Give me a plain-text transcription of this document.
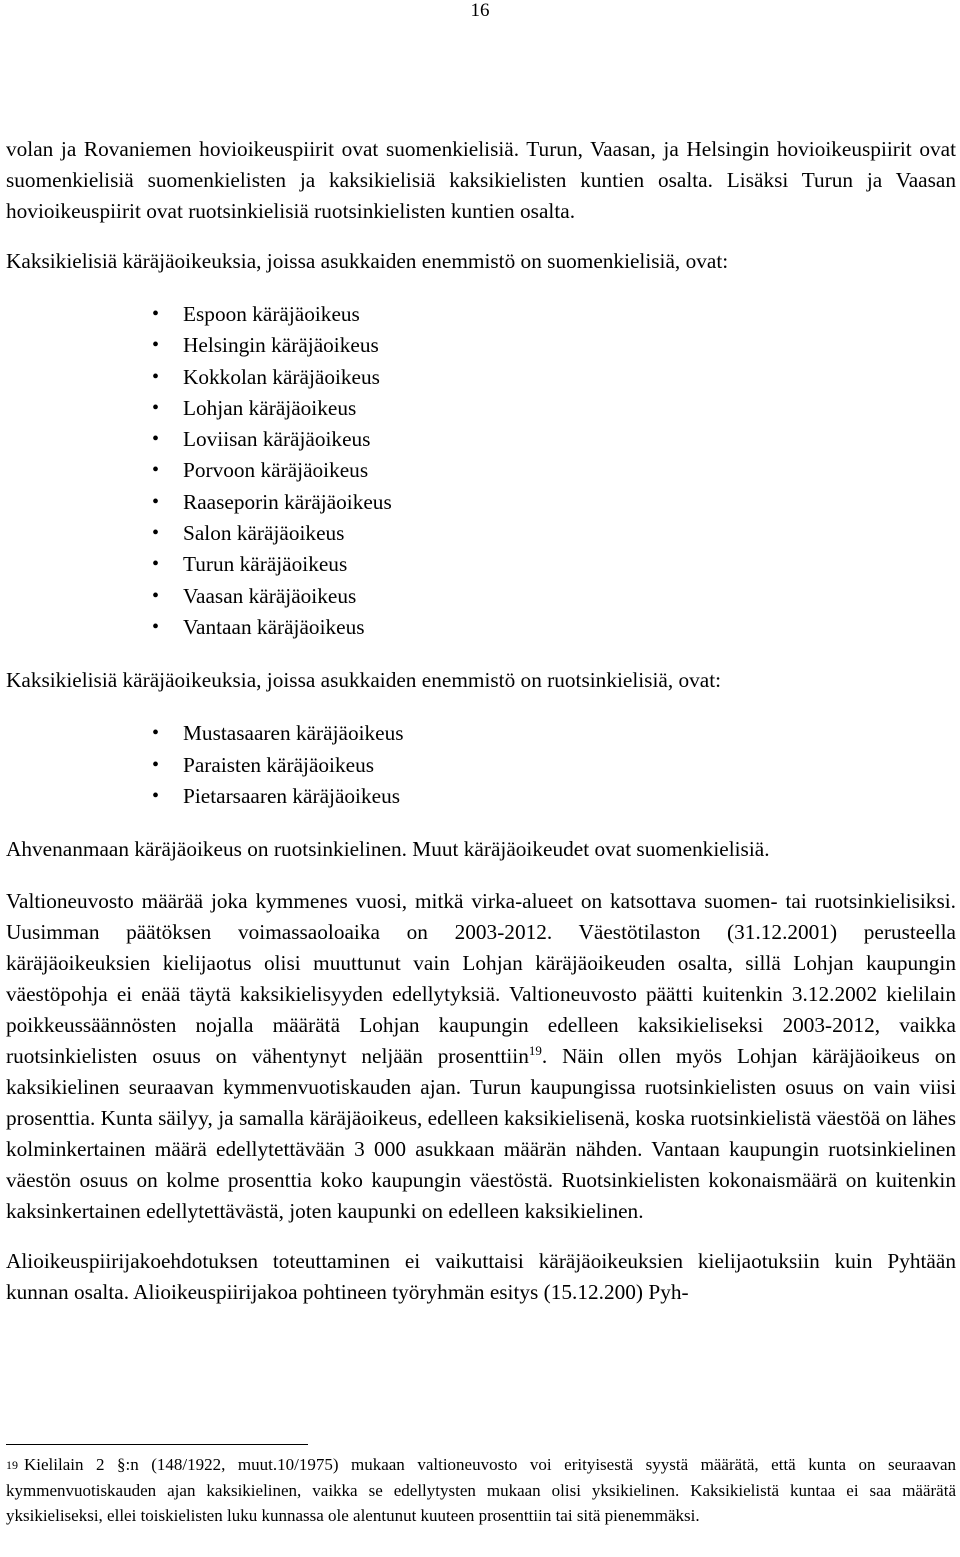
16

volan ja Rovaniemen hovioikeuspiirit ovat suomenkielisiä. Turun, Vaasan, ja Helsingin hovioikeuspiirit ovat suomenkielisiä suomenkielisten ja kaksikielisiä kaksikielisten kuntien osalta. Lisäksi Turun ja Vaasan hovioikeuspiirit ovat ruotsinkielisiä ruotsinkielisten kuntien osalta.

Kaksikielisiä käräjäoikeuksia, joissa asukkaiden enemmistö on suomenkielisiä, ovat:

• Espoon käräjäoikeus
• Helsingin käräjäoikeus
• Kokkolan käräjäoikeus
• Lohjan käräjäoikeus
• Loviisan käräjäoikeus
• Porvoon käräjäoikeus
• Raaseporin käräjäoikeus
• Salon käräjäoikeus
• Turun käräjäoikeus
• Vaasan käräjäoikeus
• Vantaan käräjäoikeus

Kaksikielisiä käräjäoikeuksia, joissa asukkaiden enemmistö on ruotsinkielisiä, ovat:

• Mustasaaren käräjäoikeus
• Paraisten käräjäoikeus
• Pietarsaaren käräjäoikeus

Ahvenanmaan käräjäoikeus on ruotsinkielinen. Muut käräjäoikeudet ovat suomenkielisiä.

Valtioneuvosto määrää joka kymmenes vuosi, mitkä virka-alueet on katsottava suomen- tai ruotsinkielisiksi. Uusimman päätöksen voimassaoloaika on 2003-2012. Väestötilaston (31.12.2001) perusteella käräjäoikeuksien kielijaotus olisi muuttunut vain Lohjan käräjäoikeuden osalta, sillä Lohjan kaupungin väestöpohja ei enää täytä kaksikielisyyden edellytyksiä. Valtioneuvosto päätti kuitenkin 3.12.2002 kielilain poikkeussäännösten nojalla määrätä Lohjan kaupungin edelleen kaksikieliseksi 2003-2012, vaikka ruotsinkielisten osuus on vähentynyt neljään prosenttiin$^{19}$. Näin ollen myös Lohjan käräjäoikeus on kaksikielinen seuraavan kymmenvuotiskauden ajan. Turun kaupungissa ruotsinkielisten osuus on vain viisi prosenttia. Kunta säilyy, ja samalla käräjäoikeus, edelleen kaksikielisenä, koska ruotsinkielistä väestöä on lähes kolminkertainen määrä edellytettävään 3 000 asukkaan määrän nähden. Vantaan kaupungin ruotsinkielinen väestön osuus on kolme prosenttia koko kaupungin väestöstä. Ruotsinkielisten kokonaismäärä on kuitenkin kaksinkertainen edellytettävästä, joten kaupunki on edelleen kaksikielinen.

Alioikeuspiirijakoehdotuksen toteuttaminen ei vaikuttaisi käräjäoikeuksien kielijaotuksiin kuin Pyhtään kunnan osalta. Alioikeuspiirijakoa pohtineen työryhmän esitys (15.12.200) Pyh-

$^{19}$ Kielilain 2 §:n (148/1922, muut.10/1975) mukaan valtioneuvosto voi erityisestä syystä määrätä, että kunta on seuraavan kymmenvuotiskauden ajan kaksikielinen, vaikka se edellytysten mukaan olisi yksikielinen. Kaksikielistä kuntaa ei saa määrätä yksikieliseksi, ellei toiskielisten luku kunnassa ole alentunut kuuteen prosenttiin tai sitä pienemmäksi.
